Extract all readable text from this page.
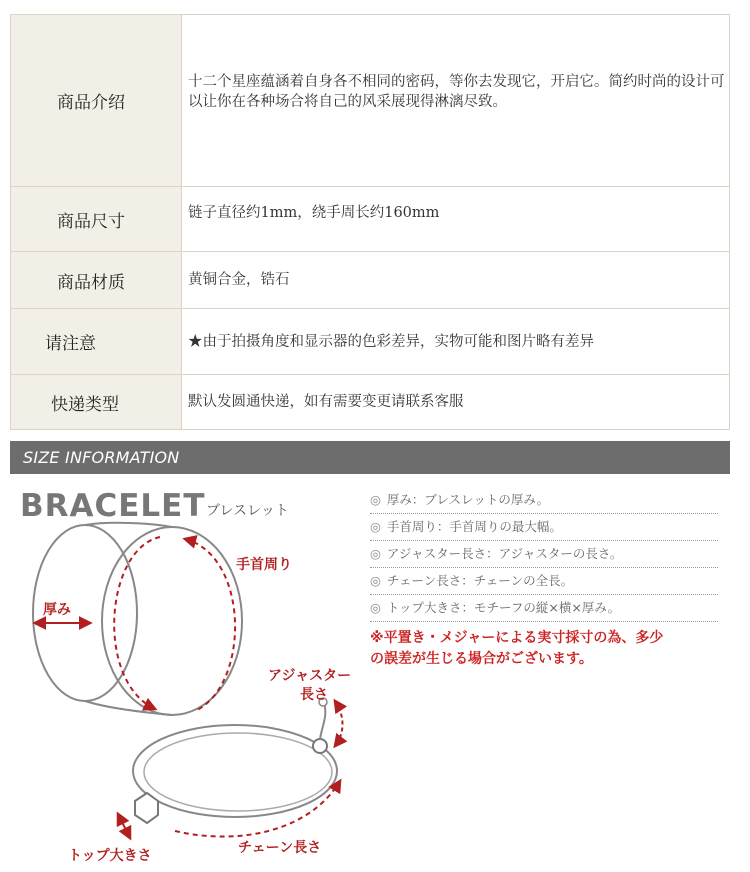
商品介绍	十二个星座蕴涵着自身各不相同的密码，等你去发现它，开启它。简约时尚的设计可以让你在各种场合将自己的风采展现得淋漓尽致。

商品尺寸	链子直径约1mm，绕手周长约160mm

商品材质	黄铜合金，锆石

请注意	★由于拍摄角度和显示器的色彩差异，实物可能和图片略有差异

快递类型	默认发圆通快递，如有需要变更请联系客服
SIZE INFORMATION
BRACELET ブレスレット
◎ 厚み：ブレスレットの厚み。
◎ 手首周り：手首周りの最大幅。
◎ アジャスター長さ：アジャスターの長さ。
◎ チェーン長さ：チェーンの全長。
◎ トップ大きさ：モチーフの縦×横×厚み。
※平置き・メジャーによる実寸採寸の為、多少
の誤差が生じる場合がございます。
厚み
手首周り
アジャスター
長さ
トップ大きさ	チェーン長さ
